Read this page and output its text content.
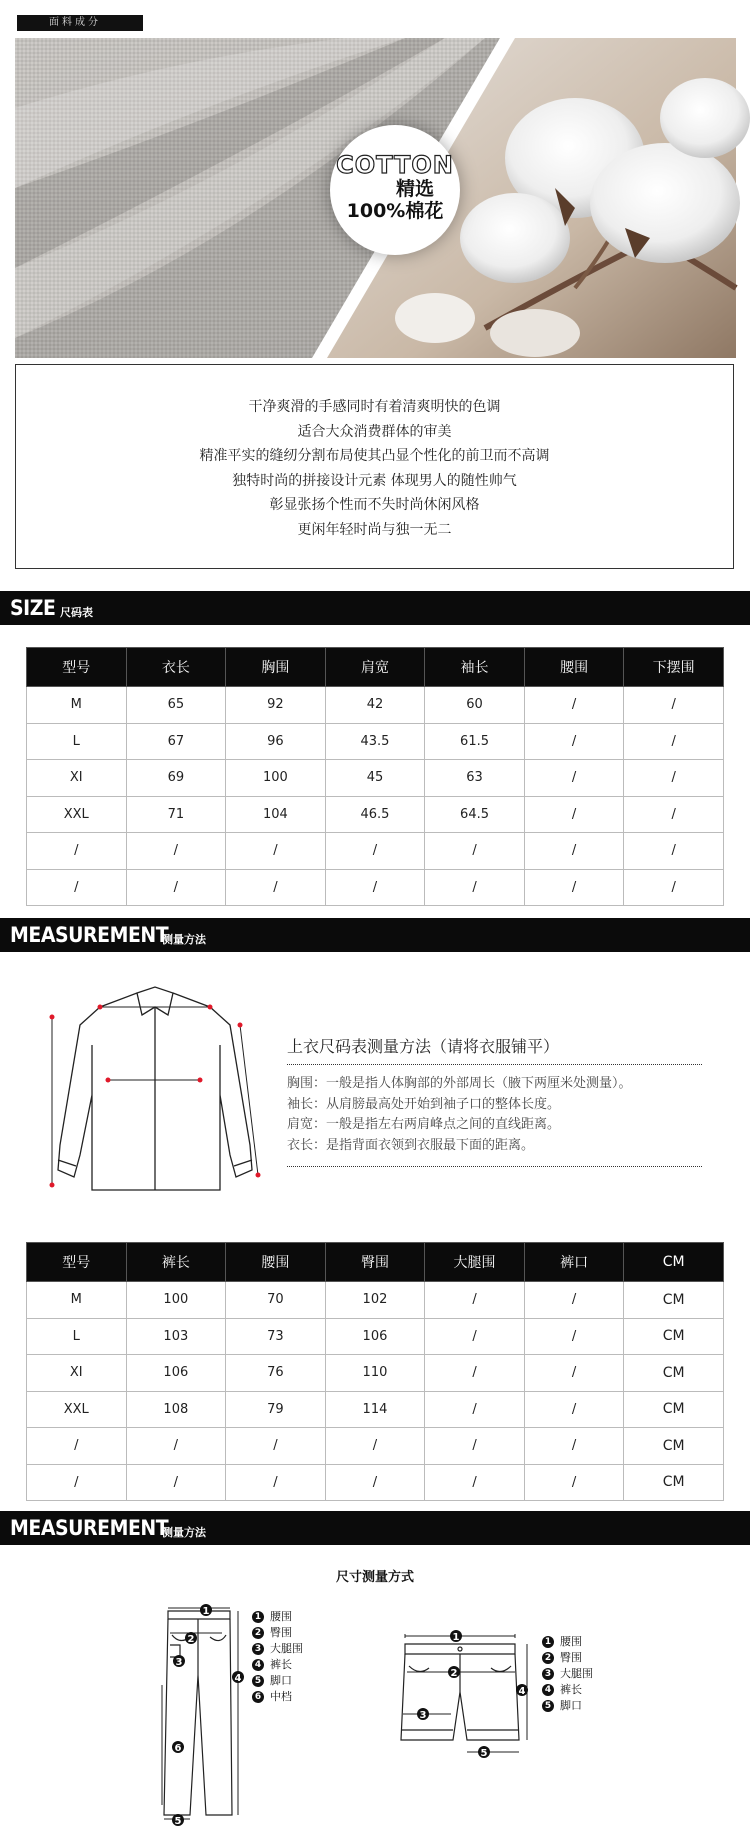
面料成分
COTTON
精选
100%棉花

干净爽滑的手感同时有着清爽明快的色调

适合大众消费群体的审美

精准平实的缝纫分割布局使其凸显个性化的前卫而不高调

独特时尚的拼接设计元素 体现男人的随性帅气

彰显张扬个性而不失时尚休闲风格

更闲年轻时尚与独一无二

SIZE 尺码表
型号	衣长	胸围	肩宽	袖长	腰围	下摆围
M	65	92	42	60	/	/
L	67	96	43.5	61.5	/	/
XI	69	100	45	63	/	/
XXL	71	104	46.5	64.5	/	/
/	/	/	/	/	/	/
/	/	/	/	/	/	/
MEASUREMENT
测量方法
上衣尺码表测量方法（请将衣服铺平）
胸围：一般是指人体胸部的外部周长（腋下两厘米处测量）。
袖长：从肩膀最高处开始到袖子口的整体长度。
肩宽：一般是指左右两肩峰点之间的直线距离。
衣长：是指背面衣领到衣服最下面的距离。
型号	裤长	腰围	臀围	大腿围	裤口	CM
M	100	70	102	/	/	CM
L	103	73	106	/	/	CM
XI	106	76	110	/	/	CM
XXL	108	79	114	/	/	CM
/	/	/	/	/	/	CM
/	/	/	/	/	/	CM
MEASUREMENT
测量方法
尺寸测量方式
1
2
3
4
6
5
1 腰围
2 臀围
3 大腿围
4 裤长
5 脚口
6 中档
1
2
3
4
5
1 腰围
2 臀围
3 大腿围
4 裤长
5 脚口
